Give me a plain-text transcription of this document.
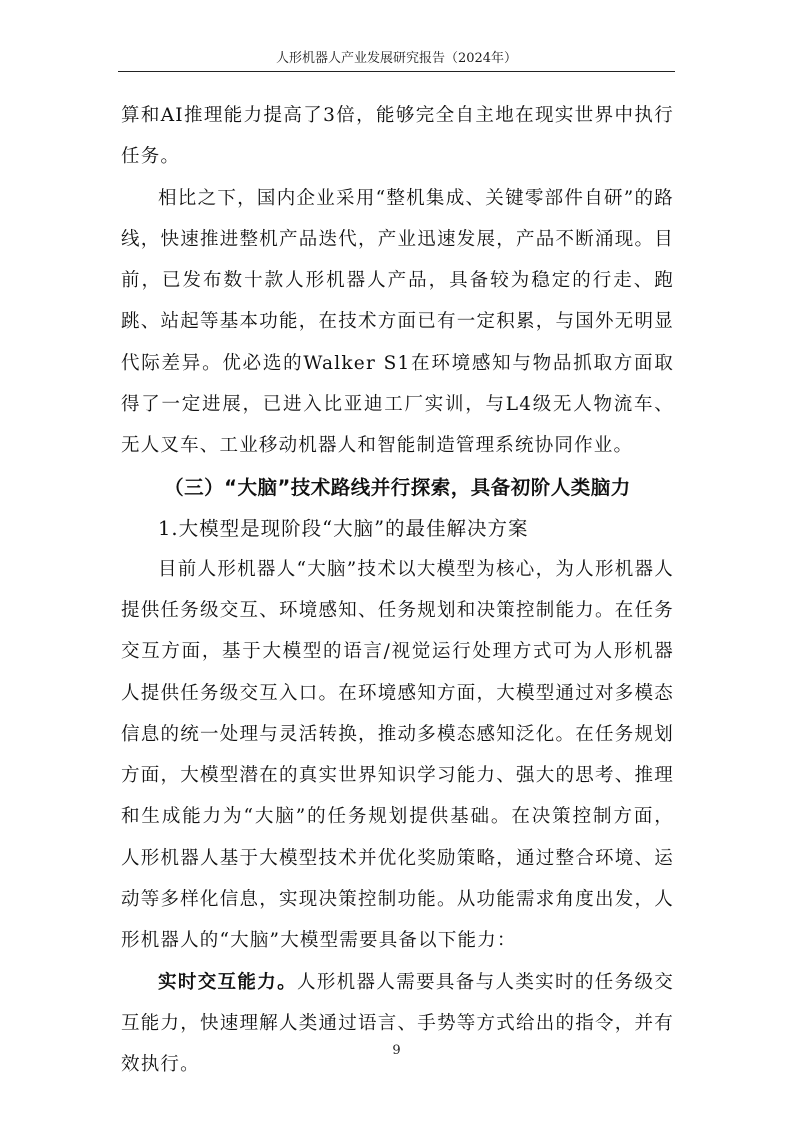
人形机器人产业发展研究报告（2024年）

算和AI推理能力提高了3倍，能够完全自主地在现实世界中执行任务。

相比之下，国内企业采用“整机集成、关键零部件自研”的路线，快速推进整机产品迭代，产业迅速发展，产品不断涌现。目前，已发布数十款人形机器人产品，具备较为稳定的行走、跑跳、站起等基本功能，在技术方面已有一定积累，与国外无明显代际差异。优必选的Walker S1在环境感知与物品抓取方面取得了一定进展，已进入比亚迪工厂实训，与L4级无人物流车、无人叉车、工业移动机器人和智能制造管理系统协同作业。

（三）“大脑”技术路线并行探索，具备初阶人类脑力

1.大模型是现阶段“大脑”的最佳解决方案

目前人形机器人“大脑”技术以大模型为核心，为人形机器人提供任务级交互、环境感知、任务规划和决策控制能力。在任务交互方面，基于大模型的语言/视觉运行处理方式可为人形机器人提供任务级交互入口。在环境感知方面，大模型通过对多模态信息的统一处理与灵活转换，推动多模态感知泛化。在任务规划方面，大模型潜在的真实世界知识学习能力、强大的思考、推理和生成能力为“大脑”的任务规划提供基础。在决策控制方面，人形机器人基于大模型技术并优化奖励策略，通过整合环境、运动等多样化信息，实现决策控制功能。从功能需求角度出发，人形机器人的“大脑”大模型需要具备以下能力：

实时交互能力。人形机器人需要具备与人类实时的任务级交互能力，快速理解人类通过语言、手势等方式给出的指令，并有效执行。

9
